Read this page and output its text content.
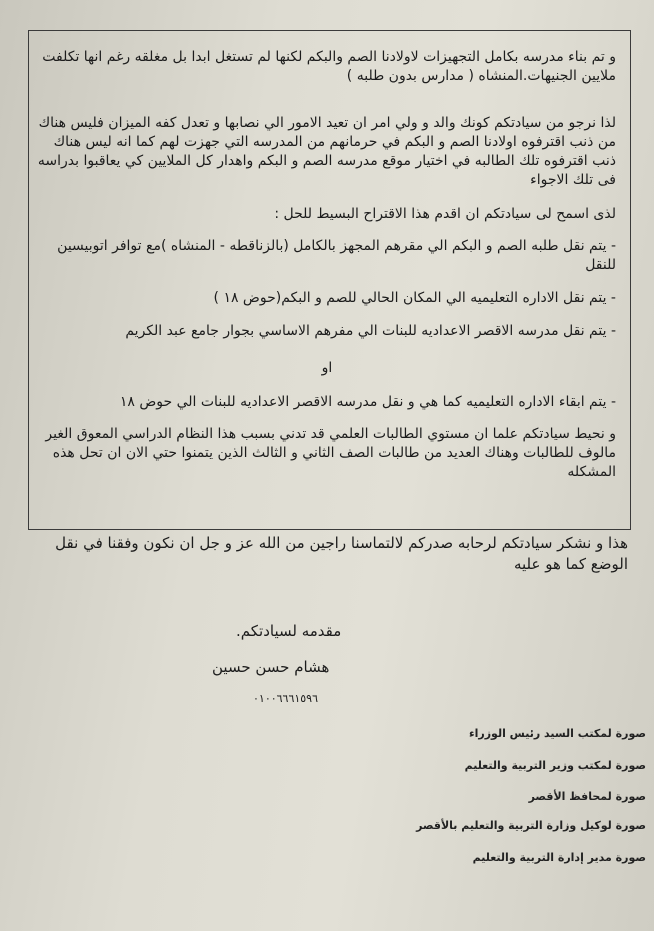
و تم بناء مدرسه بكامل التجهيزات لاولادنا الصم والبكم لكنها لم تستغل ابدا بل مغلقه رغم انها تكلفت ملايين الجنيهات.المنشاه ( مدارس بدون طلبه )

لذا نرجو من سيادتكم كونك والد و ولي امر ان تعيد الامور الي نصابها و تعدل كفه الميزان فليس هناك من ذنب اقترفوه اولادنا الصم و البكم في حرمانهم من المدرسه التي جهزت لهم كما انه ليس هناك ذنب اقترفوه تلك الطالبه في اختيار موقع مدرسه الصم و البكم واهدار كل الملايين كي يعاقبوا بدراسه فى تلك الاجواء

لذى اسمح لى سيادتكم ان اقدم هذا الاقتراح البسيط للحل :

- يتم نقل طلبه الصم و البكم الي مقرهم المجهز بالكامل (بالزناقطه - المنشاه )مع توافر اتوبيسين للنقل

- يتم نقل الاداره التعليميه الي المكان الحالي للصم و البكم(حوض ١٨ )

- يتم نقل مدرسه الاقصر الاعداديه للبنات الي مفرهم الاساسي بجوار جامع عبد الكريم

او

- يتم ابقاء الاداره التعليميه كما هي و نقل مدرسه الاقصر الاعداديه للبنات الي حوض ١٨

و نحيط سيادتكم علما ان مستوي الطالبات العلمي قد تدني بسبب هذا النظام الدراسي المعوق الغير مالوف للطالبات وهناك العديد من طالبات الصف الثاني و الثالث الذين يتمنوا حتي الان ان تحل هذه المشكله

هذا و نشكر سيادتكم لرحابه صدركم لالتماسنا راجين من الله عز و جل ان نكون وفقنا في نقل الوضع كما هو عليه

مقدمه لسيادتكم.
هشام حسن حسين
٠١٠٠٦٦٦١٥٩٦
صورة لمكتب السيد رئيس الوزراء
صورة لمكتب وزير التربية والتعليم
صورة لمحافظ الأقصر
صورة لوكيل وزارة التربية والتعليم بالأقصر
صورة مدير إدارة التربية والتعليم
